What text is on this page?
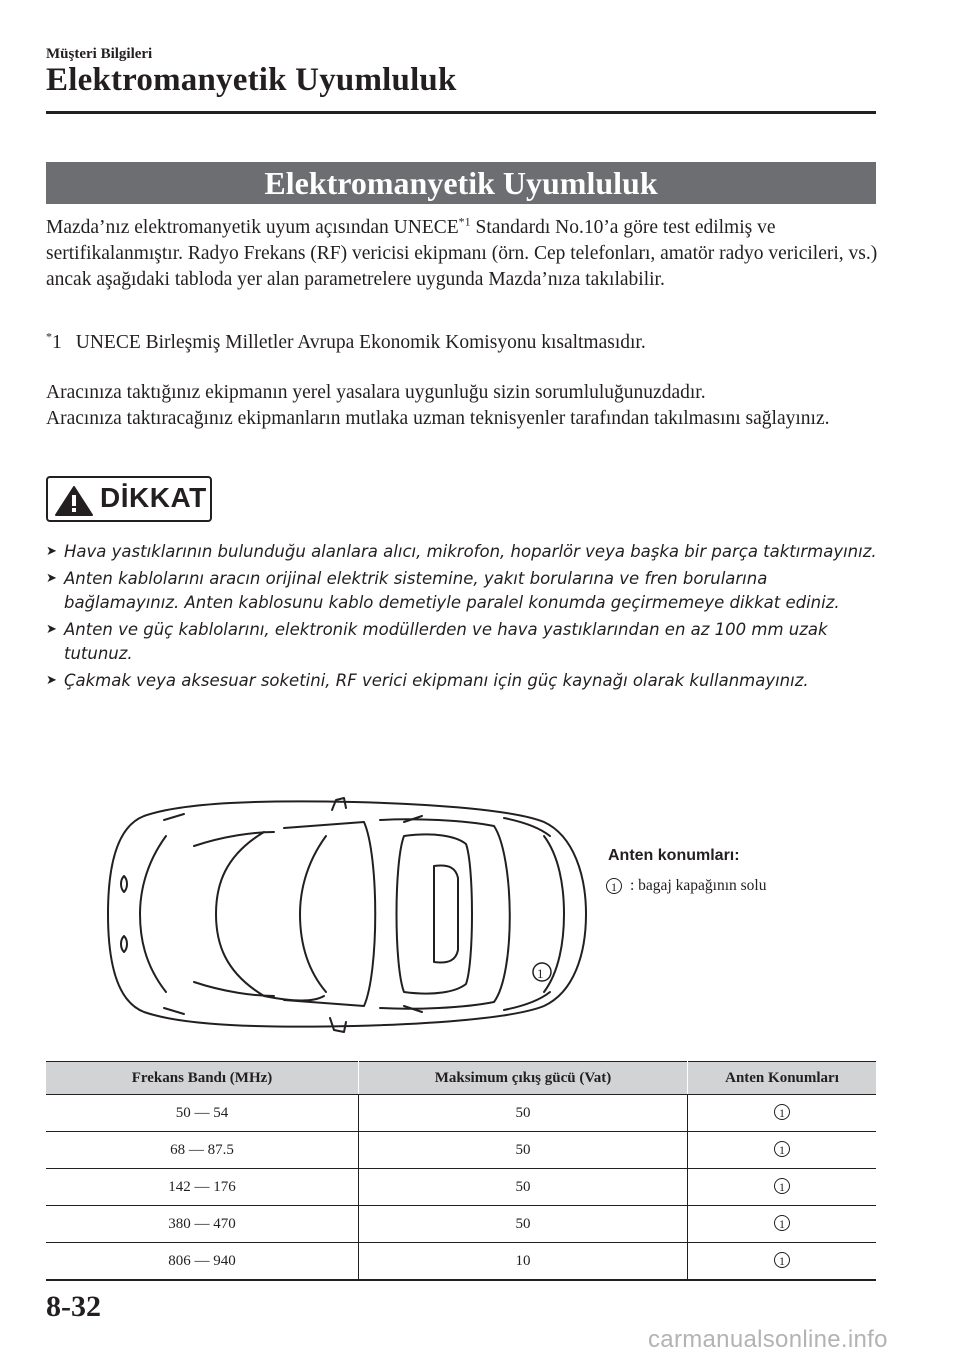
Müşteri Bilgileri
Elektromanyetik Uyumluluk
Elektromanyetik Uyumluluk

Mazda’nız elektromanyetik uyum açısından UNECE$^{*1}$ Standardı No.10’a göre test edilmiş ve sertifikalanmıştır. Radyo Frekans (RF) vericisi ekipmanı (örn. Cep telefonları, amatör radyo vericileri, vs.) ancak aşağıdaki tabloda yer alan parametrelere uygunda Mazda’nıza takılabilir.

*1 UNECE Birleşmiş Milletler Avrupa Ekonomik Komisyonu kısaltmasıdır.

Aracınıza taktığınız ekipmanın yerel yasalara uygunluğu sizin sorumluluğunuzdadır.
Aracınıza taktıracağınız ekipmanların mutlaka uzman teknisyenler tarafından takılmasını sağlayınız.

DİKKAT
➤ Hava yastıklarının bulunduğu alanlara alıcı, mikrofon, hoparlör veya başka bir parça taktırmayınız.
➤ Anten kablolarını aracın orijinal elektrik sistemine, yakıt borularına ve fren borularına bağlamayınız. Anten kablosunu kablo demetiyle paralel konumda geçirmemeye dikkat ediniz.
➤ Anten ve güç kablolarını, elektronik modüllerden ve hava yastıklarından en az 100 mm uzak tutunuz.
➤ Çakmak veya aksesuar soketini, RF verici ekipmanı için güç kaynağı olarak kullanmayınız.
1
Anten konumları:
1 : bagaj kapağının solu
Frekans Bandı (MHz)	Maksimum çıkış gücü (Vat)	Anten Konumları
50 — 54	50	1
68 — 87.5	50	1
142 — 176	50	1
380 — 470	50	1
806 — 940	10	1
8-32
carmanualsonline.info
